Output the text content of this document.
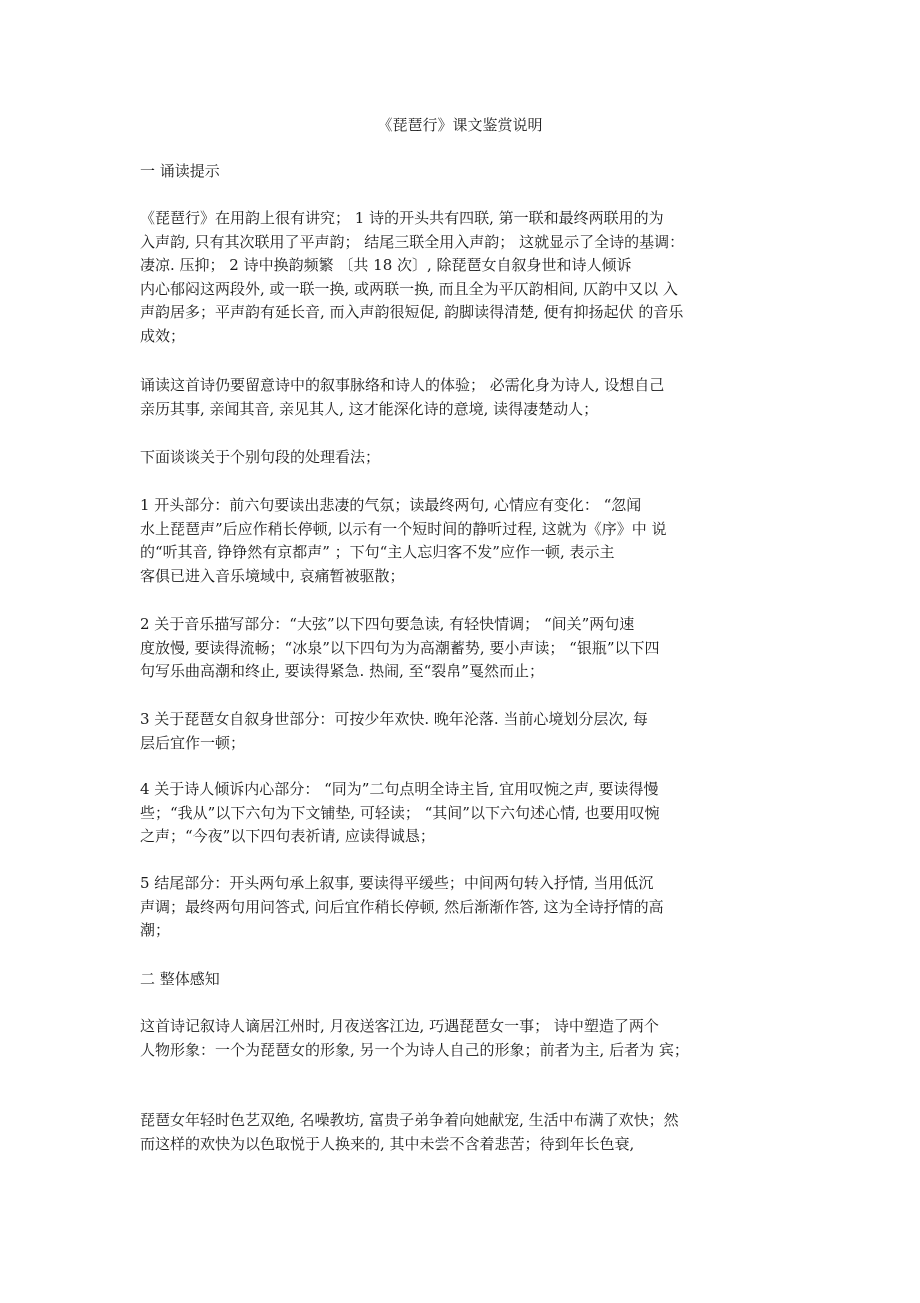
《琵琶行》课文鉴赏说明
一 诵读提示
《琵琶行》在用韵上很有讲究； 1 诗的开头共有四联, 第一联和最终两联用的为
入声韵, 只有其次联用了平声韵； 结尾三联全用入声韵； 这就显示了全诗的基调：
凄凉. 压抑； 2 诗中换韵频繁 〔共 18 次〕, 除琵琶女自叙身世和诗人倾诉
内心郁闷这两段外, 或一联一换, 或两联一换, 而且全为平仄韵相间, 仄韵中又以 入
声韵居多；平声韵有延长音, 而入声韵很短促, 韵脚读得清楚, 便有抑扬起伏 的音乐
成效；
诵读这首诗仍要留意诗中的叙事脉络和诗人的体验； 必需化身为诗人, 设想自己
亲历其事, 亲闻其音, 亲见其人, 这才能深化诗的意境, 读得凄楚动人；
下面谈谈关于个别句段的处理看法；
1 开头部分：前六句要读出悲凄的气氛；读最终两句, 心情应有变化： “忽闻
水上琵琶声”后应作稍长停顿, 以示有一个短时间的静听过程, 这就为《序》中 说
的“听其音, 铮铮然有京都声” ；下句“主人忘归客不发”应作一顿, 表示主
客俱已进入音乐境域中, 哀痛暂被驱散；
2 关于音乐描写部分：“大弦”以下四句要急读, 有轻快情调； “间关”两句速
度放慢, 要读得流畅；“冰泉”以下四句为为高潮蓄势, 要小声读； “银瓶”以下四
句写乐曲高潮和终止, 要读得紧急. 热闹, 至“裂帛”戛然而止；
3 关于琵琶女自叙身世部分：可按少年欢快. 晚年沦落. 当前心境划分层次, 每
层后宜作一顿；
4 关于诗人倾诉内心部分： “同为”二句点明全诗主旨, 宜用叹惋之声, 要读得慢
些；“我从”以下六句为下文铺垫, 可轻读； “其间”以下六句述心情, 也要用叹惋
之声；“今夜”以下四句表祈请, 应读得诚恳；
5 结尾部分：开头两句承上叙事, 要读得平缓些；中间两句转入抒情, 当用低沉
声调；最终两句用问答式, 问后宜作稍长停顿, 然后渐渐作答, 这为全诗抒情的高
潮；
二 整体感知
这首诗记叙诗人谪居江州时, 月夜送客江边, 巧遇琵琶女一事； 诗中塑造了两个
人物形象：一个为琵琶女的形象, 另一个为诗人自己的形象；前者为主, 后者为 宾；
琵琶女年轻时色艺双绝, 名噪教坊, 富贵子弟争着向她献宠, 生活中布满了欢快；然
而这样的欢快为以色取悦于人换来的, 其中未尝不含着悲苦；待到年长色衰,
